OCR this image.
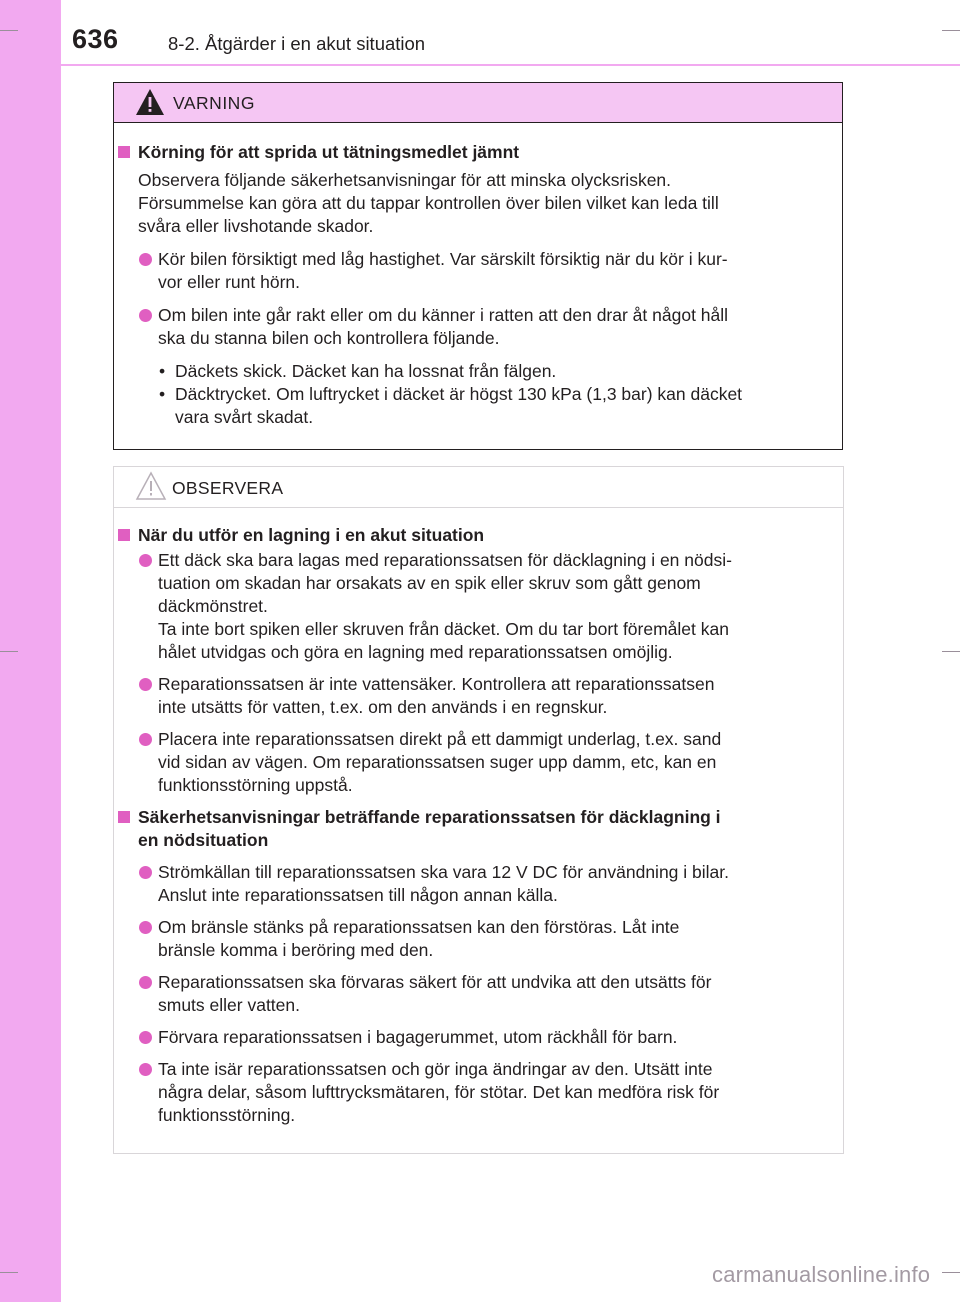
636	8-2. Åtgärder i en akut situation
VARNING
Körning för att sprida ut tätningsmedlet jämnt
Observera följande säkerhetsanvisningar för att minska olycksrisken.
Försummelse kan göra att du tappar kontrollen över bilen vilket kan leda till
svåra eller livshotande skador.
Kör bilen försiktigt med låg hastighet. Var särskilt försiktig när du kör i kur-
vor eller runt hörn.
Om bilen inte går rakt eller om du känner i ratten att den drar åt något håll
ska du stanna bilen och kontrollera följande.
• Däckets skick. Däcket kan ha lossnat från fälgen.
• Däcktrycket. Om luftrycket i däcket är högst 130 kPa (1,3 bar) kan däcket
vara svårt skadat.
OBSERVERA
När du utför en lagning i en akut situation
Ett däck ska bara lagas med reparationssatsen för däcklagning i en nödsi-
tuation om skadan har orsakats av en spik eller skruv som gått genom
däckmönstret.
Ta inte bort spiken eller skruven från däcket. Om du tar bort föremålet kan
hålet utvidgas och göra en lagning med reparationssatsen omöjlig.
Reparationssatsen är inte vattensäker. Kontrollera att reparationssatsen
inte utsätts för vatten, t.ex. om den används i en regnskur.
Placera inte reparationssatsen direkt på ett dammigt underlag, t.ex. sand
vid sidan av vägen. Om reparationssatsen suger upp damm, etc, kan en
funktionsstörning uppstå.
Säkerhetsanvisningar beträffande reparationssatsen för däcklagning i
en nödsituation
Strömkällan till reparationssatsen ska vara 12 V DC för användning i bilar.
Anslut inte reparationssatsen till någon annan källa.
Om bränsle stänks på reparationssatsen kan den förstöras. Låt inte
bränsle komma i beröring med den.
Reparationssatsen ska förvaras säkert för att undvika att den utsätts för
smuts eller vatten.
Förvara reparationssatsen i bagagerummet, utom räckhåll för barn.
Ta inte isär reparationssatsen och gör inga ändringar av den. Utsätt inte
några delar, såsom lufttrycksmätaren, för stötar. Det kan medföra risk för
funktionsstörning.
carmanualsonline.info
